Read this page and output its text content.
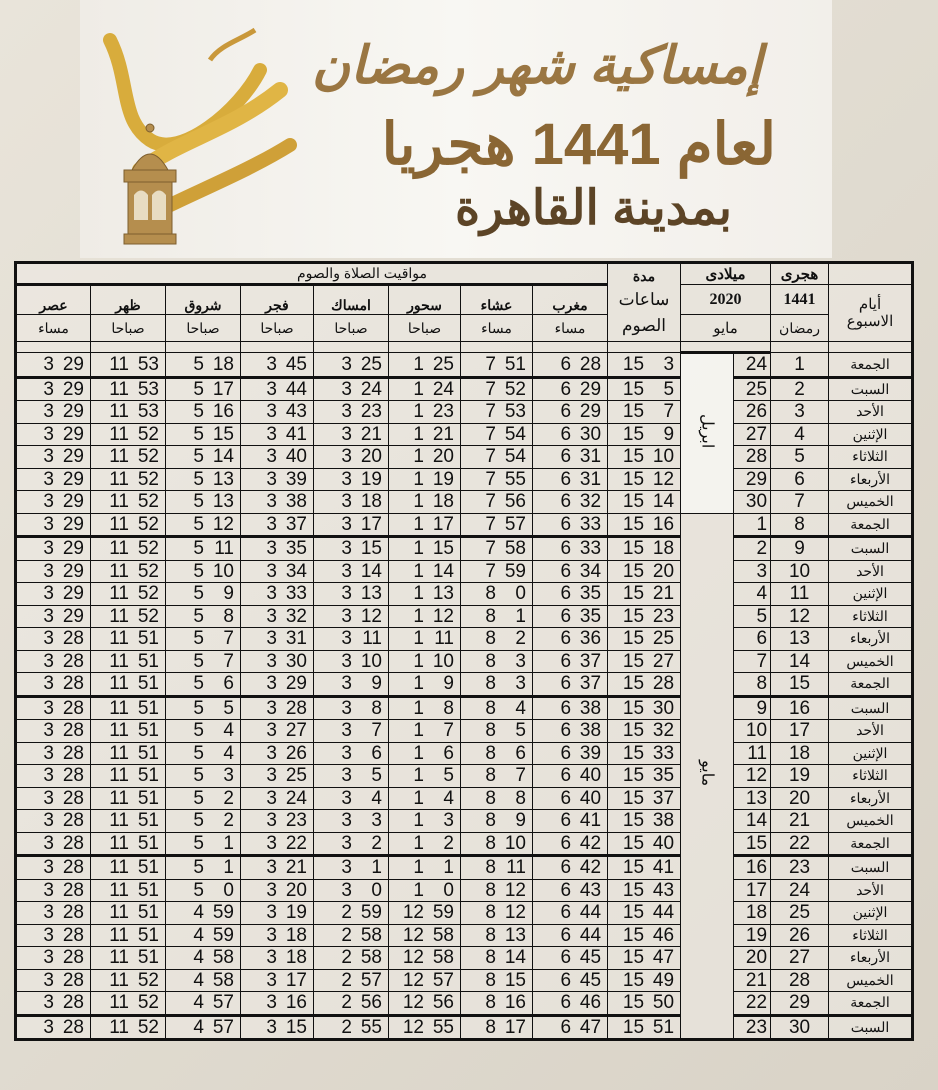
إمساكية شهر رمضان
لعام 1441 هجريا
بمدينة القاهرة
مواقيت الصلاة والصوم								مدة	ميلادى		هجرى	
عصر	ظهر	شروق	فجر	امساك	سحور	عشاء	مغرب	ساعات
الصوم
	2020	1441	أيام
الاسبوع

مساء	صباحا	صباحا	صباحا	صباحا	صباحا	مساء	مساء		مايو		رمضان	

3 29	11 53	5 18	3 45	3 25	1 25	7 51	6 28	15 3	ابريل	24	1	الجمعة

3 29	11 53	5 17	3 44	3 24	1 24	7 52	6 29	15 5		25	2	السبت

3 29	11 53	5 16	3 43	3 23	1 23	7 53	6 29	15 7		26	3	الأحد

3 29	11 52	5 15	3 41	3 21	1 21	7 54	6 30	15 9		27	4	الإثنين

3 29	11 52	5 14	3 40	3 20	1 20	7 54	6 31	15 10		28	5	الثلاثاء

3 29	11 52	5 13	3 39	3 19	1 19	7 55	6 31	15 12		29	6	الأربعاء

3 29	11 52	5 13	3 38	3 18	1 18	7 56	6 32	15 14		30	7	الخميس

3 29	11 52	5 12	3 37	3 17	1 17	7 57	6 33	15 16	مايو	1	8	الجمعة

3 29	11 52	5 11	3 35	3 15	1 15	7 58	6 33	15 18		2	9	السبت

3 29	11 52	5 10	3 34	3 14	1 14	7 59	6 34	15 20		3	10	الأحد

3 29	11 52	5 9	3 33	3 13	1 13	8 0	6 35	15 21		4	11	الإثنين

3 29	11 52	5 8	3 32	3 12	1 12	8 1	6 35	15 23		5	12	الثلاثاء

3 28	11 51	5 7	3 31	3 11	1 11	8 2	6 36	15 25		6	13	الأربعاء

3 28	11 51	5 7	3 30	3 10	1 10	8 3	6 37	15 27		7	14	الخميس

3 28	11 51	5 6	3 29	3 9	1 9	8 3	6 37	15 28		8	15	الجمعة

3 28	11 51	5 5	3 28	3 8	1 8	8 4	6 38	15 30		9	16	السبت

3 28	11 51	5 4	3 27	3 7	1 7	8 5	6 38	15 32		10	17	الأحد

3 28	11 51	5 4	3 26	3 6	1 6	8 6	6 39	15 33		11	18	الإثنين

3 28	11 51	5 3	3 25	3 5	1 5	8 7	6 40	15 35		12	19	الثلاثاء

3 28	11 51	5 2	3 24	3 4	1 4	8 8	6 40	15 37		13	20	الأربعاء

3 28	11 51	5 2	3 23	3 3	1 3	8 9	6 41	15 38		14	21	الخميس

3 28	11 51	5 1	3 22	3 2	1 2	8 10	6 42	15 40		15	22	الجمعة

3 28	11 51	5 1	3 21	3 1	1 1	8 11	6 42	15 41		16	23	السبت

3 28	11 51	5 0	3 20	3 0	1 0	8 12	6 43	15 43		17	24	الأحد

3 28	11 51	4 59	3 19	2 59	12 59	8 12	6 44	15 44		18	25	الإثنين

3 28	11 51	4 59	3 18	2 58	12 58	8 13	6 44	15 46		19	26	الثلاثاء

3 28	11 51	4 58	3 18	2 58	12 58	8 14	6 45	15 47		20	27	الأربعاء

3 28	11 52	4 58	3 17	2 57	12 57	8 15	6 45	15 49		21	28	الخميس

3 28	11 52	4 57	3 16	2 56	12 56	8 16	6 46	15 50		22	29	الجمعة

3 28	11 52	4 57	3 15	2 55	12 55	8 17	6 47	15 51		23	30	السبت
